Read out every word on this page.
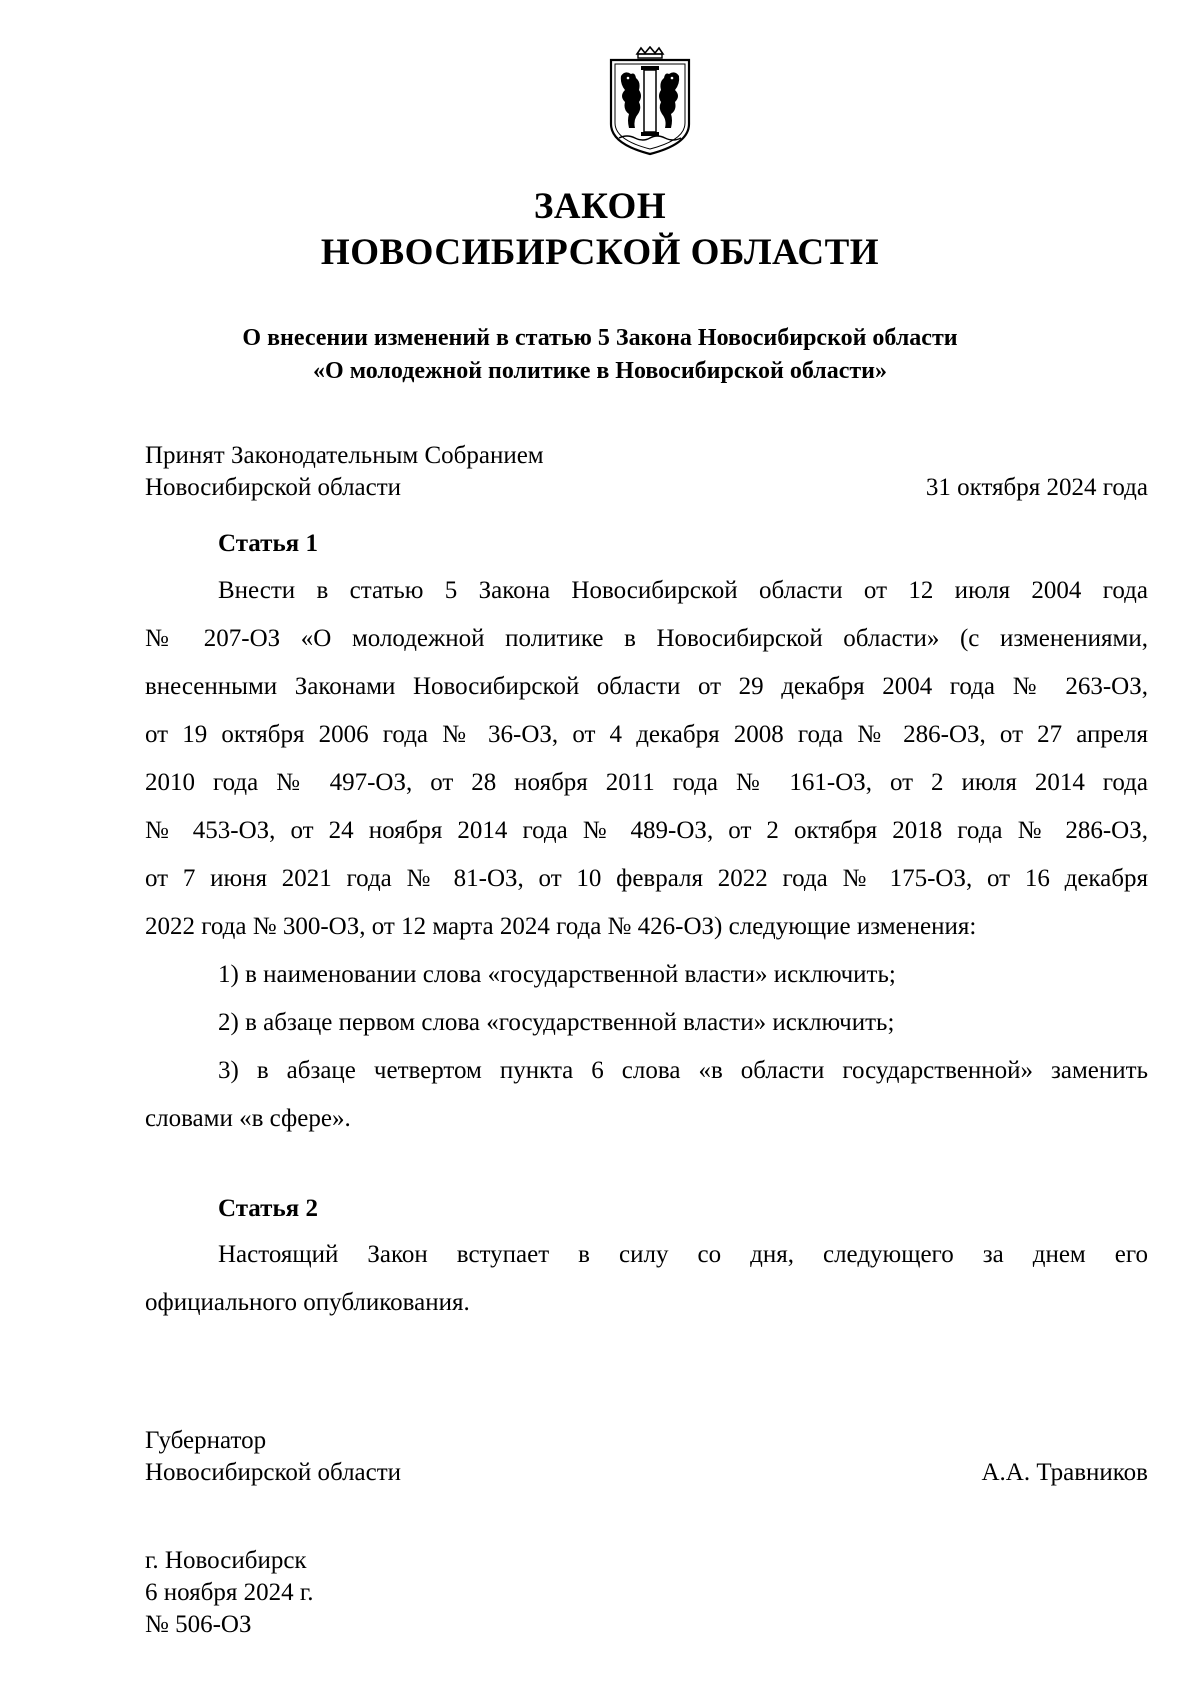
ЗАКОН
НОВОСИБИРСКОЙ ОБЛАСТИ
О внесении изменений в статью 5 Закона Новосибирской области
«О молодежной политике в Новосибирской области»
Принят Законодательным Собранием
Новосибирской области	31 октября 2024 года
Статья 1
Внести в статью 5 Закона Новосибирской области от 12 июля 2004 года
№ 207-ОЗ «О молодежной политике в Новосибирской области» (с изменениями,
внесенными Законами Новосибирской области от 29 декабря 2004 года № 263-ОЗ,
от 19 октября 2006 года № 36-ОЗ, от 4 декабря 2008 года № 286-ОЗ, от 27 апреля
2010 года № 497-ОЗ, от 28 ноября 2011 года № 161-ОЗ, от 2 июля 2014 года
№ 453-ОЗ, от 24 ноября 2014 года № 489-ОЗ, от 2 октября 2018 года № 286-ОЗ,
от 7 июня 2021 года № 81-ОЗ, от 10 февраля 2022 года № 175-ОЗ, от 16 декабря
2022 года № 300-ОЗ, от 12 марта 2024 года № 426-ОЗ) следующие изменения:
1) в наименовании слова «государственной власти» исключить;
2) в абзаце первом слова «государственной власти» исключить;
3) в абзаце четвертом пункта 6 слова «в области государственной» заменить
словами «в сфере».
Статья 2
Настоящий Закон вступает в силу со дня, следующего за днем его
официального опубликования.
Губернатор
Новосибирской области	А.А. Травников
г. Новосибирск
6 ноября 2024 г.
№ 506-ОЗ
